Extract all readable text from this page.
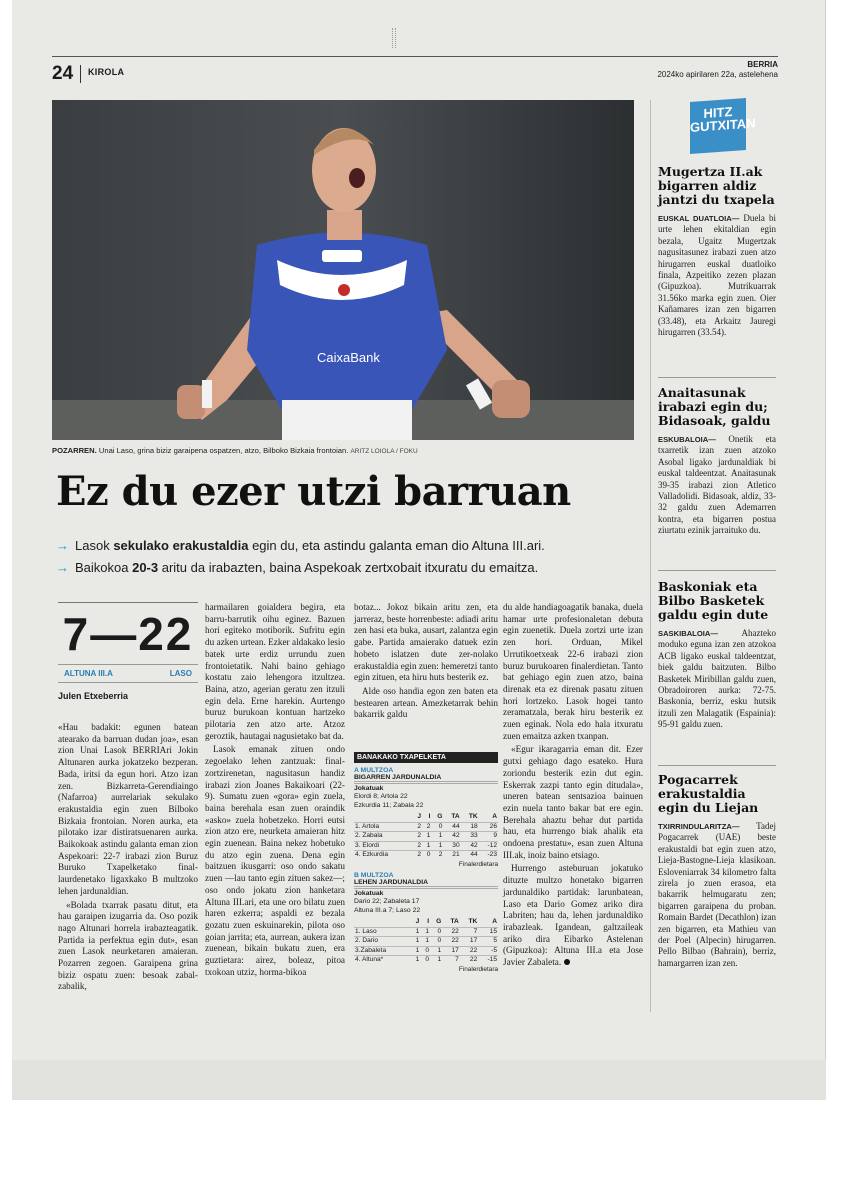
24 KIROLA
BERRIA
2024ko apirilaren 22a, astelehena
CaixaBank
POZARREN. Unai Laso, grina biziz garaipena ospatzen, atzo, Bilboko Bizkaia frontoian. ARITZ LOIOLA / FOKU
Ez du ezer utzi barruan
→ Lasok sekulako erakustaldia egin du, eta astindu galanta eman dio Altuna III.ari.
→ Baikokoa 20-3 aritu da irabazten, baina Aspekoak zertxobait itxuratu du emaitza.
7—22
ALTUNA III.A	LASO
Julen Etxeberria

«Hau badakit: egunen batean atearako da barruan dudan joa», esan zion Unai Lasok BERRIAri Jokin Altunaren aurka jokatzeko bezperan. Bada, iritsi da egun hori. Atzo izan zen. Bizkarreta-Gerendiaingo (Nafarroa) aurrelariak sekulako erakustaldia egin zuen Bilboko Bizkaia frontoian. Noren aurka, eta pilotako izar distiratsuenaren aurka. Baikokoak astindu galanta eman zion Aspekoari: 22-7 irabazi zion Buruz Buruko Txapelketako final-laurdenetako ligaxkako B multzoko lehen jardunaldian.

«Bolada txarrak pasatu ditut, eta hau garaipen izugarria da. Oso pozik nago Altunari horrela irabazteagatik. Partida ia perfektua egin dut», esan zuen Lasok neurketaren amaieran. Pozarren zegoen. Garaipena grina biziz ospatu zuen: besoak zabal-zabalik,

harmailaren goialdera begira, eta barru-barrutik oihu eginez. Bazuen hori egiteko motiborik. Sufritu egin du azken urtean. Ezker aldakako lesio batek urte erdiz urrundu zuen frontoietatik. Nahi baino gehiago kostatu zaio lehengora itzultzea. Baina, atzo, agerian geratu zen itzuli egin dela. Erne harekin. Aurtengo buruz burukoan kontuan hartzeko pilotaria zen atzo arte. Atzoz geroztik, hautagai nagusietako bat da.

Lasok emanak zituen ondo zegoelako lehen zantzuak: final-zortzirenetan, nagusitasun handiz irabazi zion Joanes Bakaikoari (22-9). Sumatu zuen «gora» egin zuela, baina berehala esan zuen oraindik «asko» zuela hobetzeko. Horri eutsi zion atzo ere, neurketa amaieran hitz egin zuenean. Baina nekez hobetuko du atzo egin zuena. Dena egin baitzuen ikusgarri: oso ondo sakatu zuen —lau tanto egin zituen sakez—; oso ondo jokatu zion hanketara Altuna III.ari, eta une oro bilatu zuen haren ezkerra; aspaldi ez bezala gozatu zuen eskuinarekin, pilota oso goian jarrita; eta, aurrean, aukera izan zuenean, bikain bukatu zuen, era guztietara: airez, boleaz, pitoa txokoan utziz, horma-bikoa

botaz... Jokoz bikain aritu zen, eta jarreraz, beste horrenbeste: adiadi aritu zen hasi eta buka, ausart, zalantza egin gabe. Partida amaierako datuek ezin hobeto islatzen dute zer-nolako erakustaldia egin zuen: hemeretzi tanto egin zituen, eta hiru huts besterik ez.

Alde oso handia egon zen baten eta bestearen artean. Amezketarrak behin bakarrik galdu

du alde handiagoagatik banaka, duela hamar urte profesionaletan debuta egin zuenetik. Duela zortzi urte izan zen hori. Orduan, Mikel Urrutikoetxeak 22-6 irabazi zion buruz burukoaren finalerdietan. Tanto bat gehiago egin zuen atzo, baina direnak eta ez direnak pasatu zituen hori lortzeko. Lasok hogei tanto zeramatzala, berak hiru besterik ez zuen eginak. Nola edo hala itxuratu zuen emaitza azken txanpan.

«Egur ikaragarria eman dit. Ezer gutxi gehiago dago esateko. Hura zoriondu besterik ezin dut egin. Eskerrak zazpi tanto egin ditudala», uneren batean sentsazioa bainuen ezin nuela tanto bakar bat ere egin. Berehala ahaztu behar dut partida hau, eta hurrengo biak ahalik eta ondoena prestatu», esan zuen Altuna III.ak, inoiz baino etsiago.

Hurrengo asteburuan jokatuko dituzte multzo honetako bigarren jardunaldiko partidak: larunbatean, Laso eta Dario Gomez ariko dira Labriten; hau da, lehen jardunaldiko irabazleak. Igandean, galtzaileak ariko dira Eibarko Astelenan (Gipuzkoa): Altuna III.a eta Jose Javier Zabaleta.

BANAKAKO TXAPELKETA
A MULTZOA
BIGARREN JARDUNALDIA
Jokatuak
Elordi 8; Artola 22
Ezkurdia 11; Zabala 22
	J	I	G	TA	TK	A
1. Artola	2	2	0	44	18	26
2. Zabala	2	1	1	42	33	9
3. Elordi	2	1	1	30	42	-12
4. Ezkurdia	2	0	2	21	44	-23
Finalerdietara
B MULTZOA
LEHEN JARDUNALDIA
Jokatuak
Dario 22; Zabaleta 17
Altuna III.a 7; Laso 22
	J	I	G	TA	TK	A
1. Laso	1	1	0	22	7	15
2. Dario	1	1	0	22	17	5
3.Zabaleta	1	0	1	17	22	-5
4. Altuna*	1	0	1	7	22	-15
Finalerdietara
HITZ GUTXITAN
Mugertza II.ak bigarren aldiz jantzi du txapela

EUSKAL DUATLOIA— Duela bi urte lehen ekitaldian egin bezala, Ugaitz Mugertzak nagusitasunez irabazi zuen atzo hirugarren euskal duatloiko finala, Azpeitiko zezen plazan (Gipuzkoa). Mutrikuarrak 31.56ko marka egin zuen. Oier Kañamares izan zen bigarren (33.48), eta Arkaitz Jauregi hirugarren (33.54).

Anaitasunak irabazi egin du; Bidasoak, galdu

ESKUBALOIA— Onetik eta txarretik izan zuen atzoko Asobal ligako jardunaldiak bi euskal taldeentzat. Anaitasunak 39-35 irabazi zion Atletico Valladolidi. Bidasoak, aldiz, 33-32 galdu zuen Ademarren kontra, eta bigarren postua ziurtatu ezinik jarraituko du.

Baskoniak eta Bilbo Basketek galdu egin dute

SASKIBALOIA— Ahazteko moduko eguna izan zen atzokoa ACB ligako euskal taldeentzat, biek galdu baitzuten. Bilbo Basketek Miribillan galdu zuen, Obradoiroren aurka: 72-75. Baskonia, berriz, esku hutsik itzuli zen Malagatik (Espainia): 95-91 galdu zuen.

Pogacarrek erakustaldia egin du Liejan

TXIRRINDULARITZA— Tadej Pogacarrek (UAE) beste erakustaldi bat egin zuen atzo, Lieja-Bastogne-Lieja klasikoan. Esloveniarrak 34 kilometro falta zirela jo zuen erasoa, eta bakarrik helmugaratu zen; bigarren garaipena du proban. Romain Bardet (Decathlon) izan zen bigarren, eta Mathieu van der Poel (Alpecin) hirugarren. Pello Bilbao (Bahrain), berriz, hamargarren izan zen.
